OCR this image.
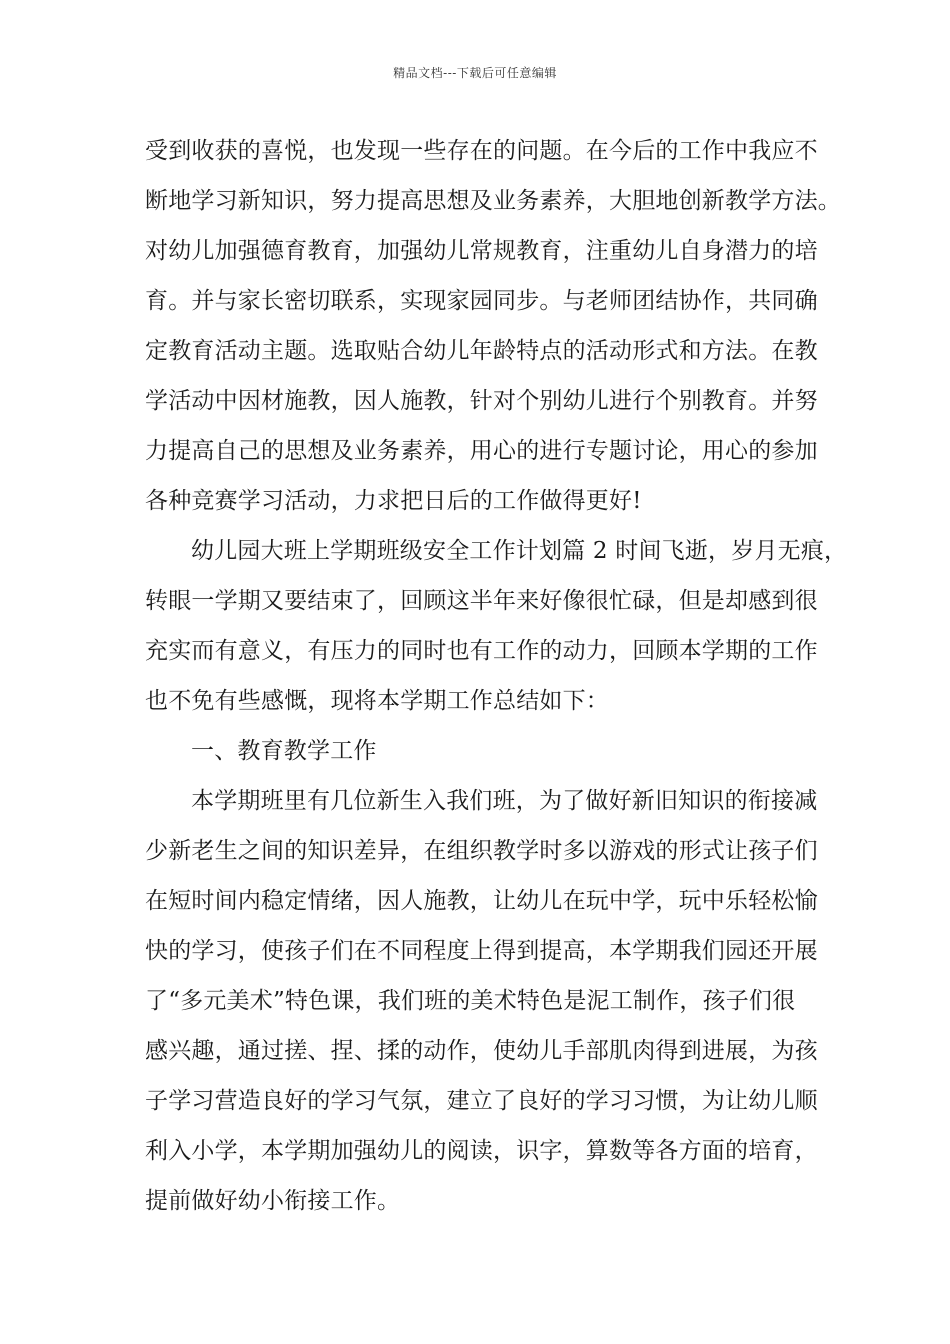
精品文档---下载后可任意编辑
受到收获的喜悦，也发现一些存在的问题。在今后的工作中我应不
断地学习新知识，努力提高思想及业务素养，大胆地创新教学方法。
对幼儿加强德育教育，加强幼儿常规教育，注重幼儿自身潜力的培
育。并与家长密切联系，实现家园同步。与老师团结协作，共同确
定教育活动主题。选取贴合幼儿年龄特点的活动形式和方法。在教
学活动中因材施教，因人施教，针对个别幼儿进行个别教育。并努
力提高自己的思想及业务素养，用心的进行专题讨论，用心的参加
各种竞赛学习活动，力求把日后的工作做得更好!
幼儿园大班上学期班级安全工作计划篇 2 时间飞逝，岁月无痕，
转眼一学期又要结束了，回顾这半年来好像很忙碌，但是却感到很
充实而有意义，有压力的同时也有工作的动力，回顾本学期的工作
也不免有些感慨，现将本学期工作总结如下：
一、教育教学工作
本学期班里有几位新生入我们班，为了做好新旧知识的衔接减
少新老生之间的知识差异，在组织教学时多以游戏的形式让孩子们
在短时间内稳定情绪，因人施教，让幼儿在玩中学，玩中乐轻松愉
快的学习，使孩子们在不同程度上得到提高，本学期我们园还开展
了“多元美术”特色课，我们班的美术特色是泥工制作，孩子们很
感兴趣，通过搓、捏、揉的动作，使幼儿手部肌肉得到进展，为孩
子学习营造良好的学习气氛，建立了良好的学习习惯，为让幼儿顺
利入小学，本学期加强幼儿的阅读，识字，算数等各方面的培育，
提前做好幼小衔接工作。
